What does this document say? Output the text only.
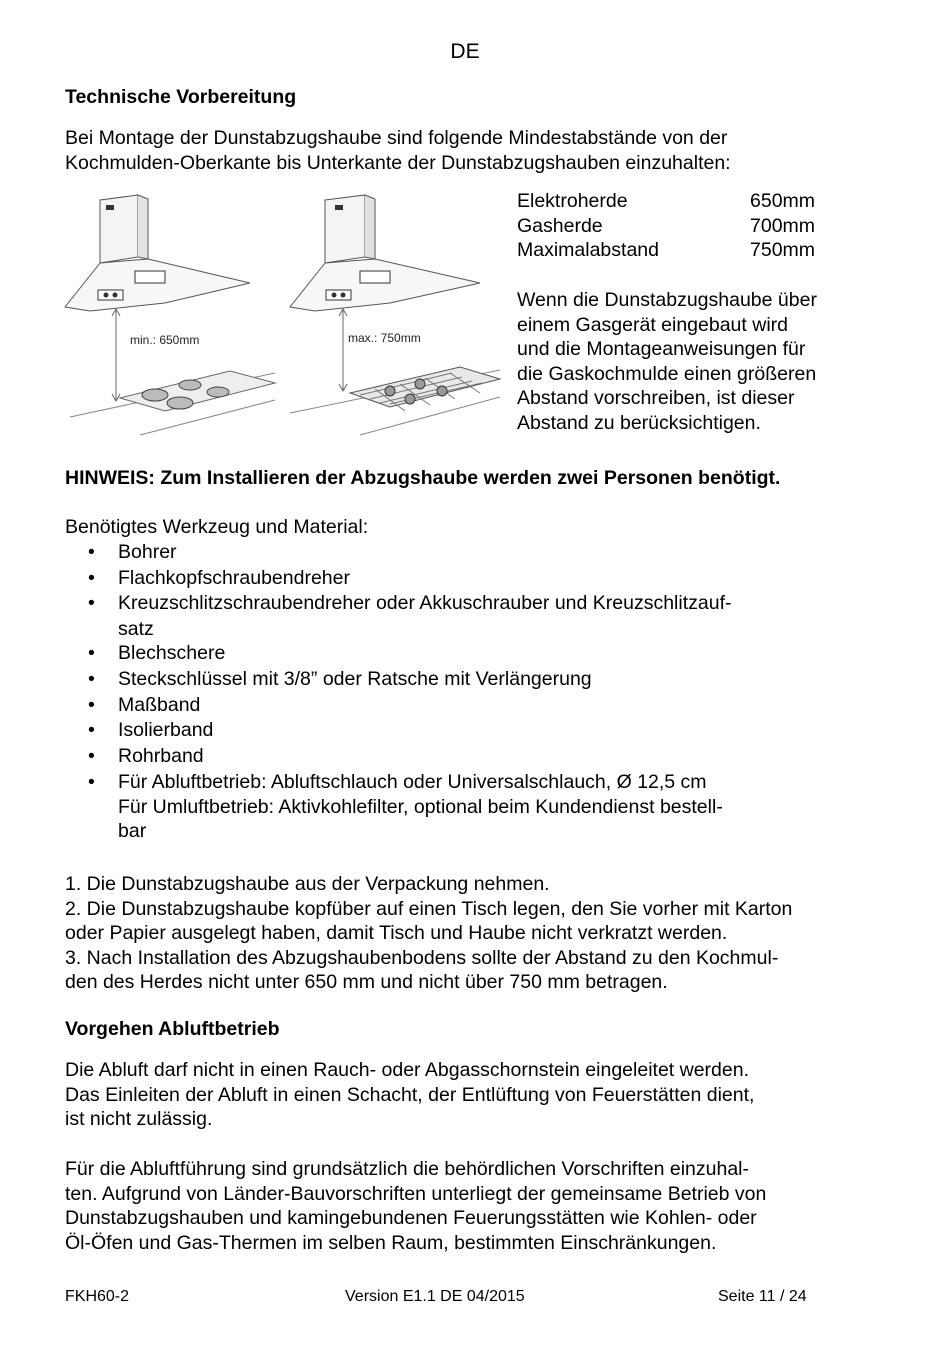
DE
Technische Vorbereitung
Bei Montage der Dunstabzugshaube sind folgende Mindestabstände von der
Kochmulden-Oberkante bis Unterkante der Dunstabzugshauben einzuhalten:
min.: 650mm	max.: 750mm
Elektroherde	650mm
Gasherde	700mm
Maximalabstand	750mm
Wenn die Dunstabzugshaube über
einem Gasgerät eingebaut wird
und die Montageanweisungen für
die Gaskochmulde einen größeren
Abstand vorschreiben, ist dieser
Abstand zu berücksichtigen.
HINWEIS: Zum Installieren der Abzugshaube werden zwei Personen benötigt.
Benötigtes Werkzeug und Material:
• Bohrer
• Flachkopfschraubendreher
• Kreuzschlitzschraubendreher oder Akkuschrauber und Kreuzschlitzauf-
satz
• Blechschere
• Steckschlüssel mit 3/8” oder Ratsche mit Verlängerung
• Maßband
• Isolierband
• Rohrband
• Für Abluftbetrieb: Abluftschlauch oder Universalschlauch, Ø 12,5 cm
Für Umluftbetrieb: Aktivkohlefilter, optional beim Kundendienst bestell-
bar
1. Die Dunstabzugshaube aus der Verpackung nehmen.
2. Die Dunstabzugshaube kopfüber auf einen Tisch legen, den Sie vorher mit Karton
oder Papier ausgelegt haben, damit Tisch und Haube nicht verkratzt werden.
3. Nach Installation des Abzugshaubenbodens sollte der Abstand zu den Kochmul-
den des Herdes nicht unter 650 mm und nicht über 750 mm betragen.
Vorgehen Abluftbetrieb
Die Abluft darf nicht in einen Rauch- oder Abgasschornstein eingeleitet werden.
Das Einleiten der Abluft in einen Schacht, der Entlüftung von Feuerstätten dient,
ist nicht zulässig.
Für die Abluftführung sind grundsätzlich die behördlichen Vorschriften einzuhal-
ten. Aufgrund von Länder-Bauvorschriften unterliegt der gemeinsame Betrieb von
Dunstabzugshauben und kamingebundenen Feuerungsstätten wie Kohlen- oder
Öl-Öfen und Gas-Thermen im selben Raum, bestimmten Einschränkungen.
FKH60-2	Version E1.1 DE 04/2015	Seite 11 / 24
